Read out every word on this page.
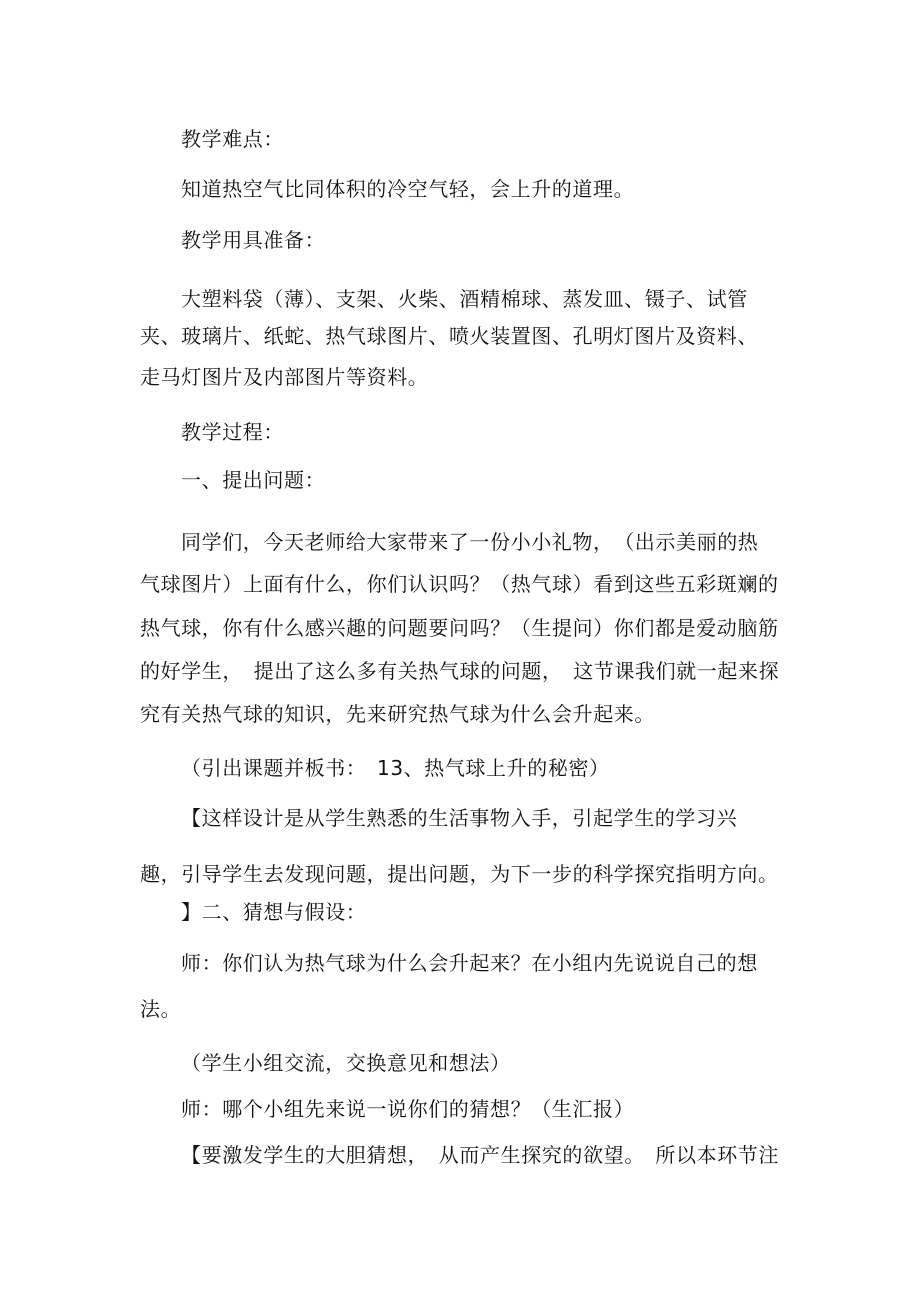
教学难点：
知道热空气比同体积的冷空气轻，会上升的道理。
教学用具准备：
大塑料袋（薄）、支架、火柴、酒精棉球、蒸发皿、镊子、试管
夹、玻璃片、纸蛇、热气球图片、喷火装置图、孔明灯图片及资料、
走马灯图片及内部图片等资料。
教学过程：
一、提出问题：
同学们，今天老师给大家带来了一份小小礼物，　（出示美丽的热
气球图片）上面有什么，你们认识吗？（热气球）看到这些五彩斑斓的
热气球，你有什么感兴趣的问题要问吗？（生提问）你们都是爱动脑筋
的好学生，　提出了这么多有关热气球的问题，　这节课我们就一起来探
究有关热气球的知识，先来研究热气球为什么会升起来。
（引出课题并板书：　13、热气球上升的秘密）
【这样设计是从学生熟悉的生活事物入手，引起学生的学习兴
趣，引导学生去发现问题，提出问题，为下一步的科学探究指明方向。
】二、猜想与假设：
师：你们认为热气球为什么会升起来？在小组内先说说自己的想
法。
（学生小组交流，交换意见和想法）
师：哪个小组先来说一说你们的猜想？（生汇报）
【要激发学生的大胆猜想，　从而产生探究的欲望。　所以本环节注
